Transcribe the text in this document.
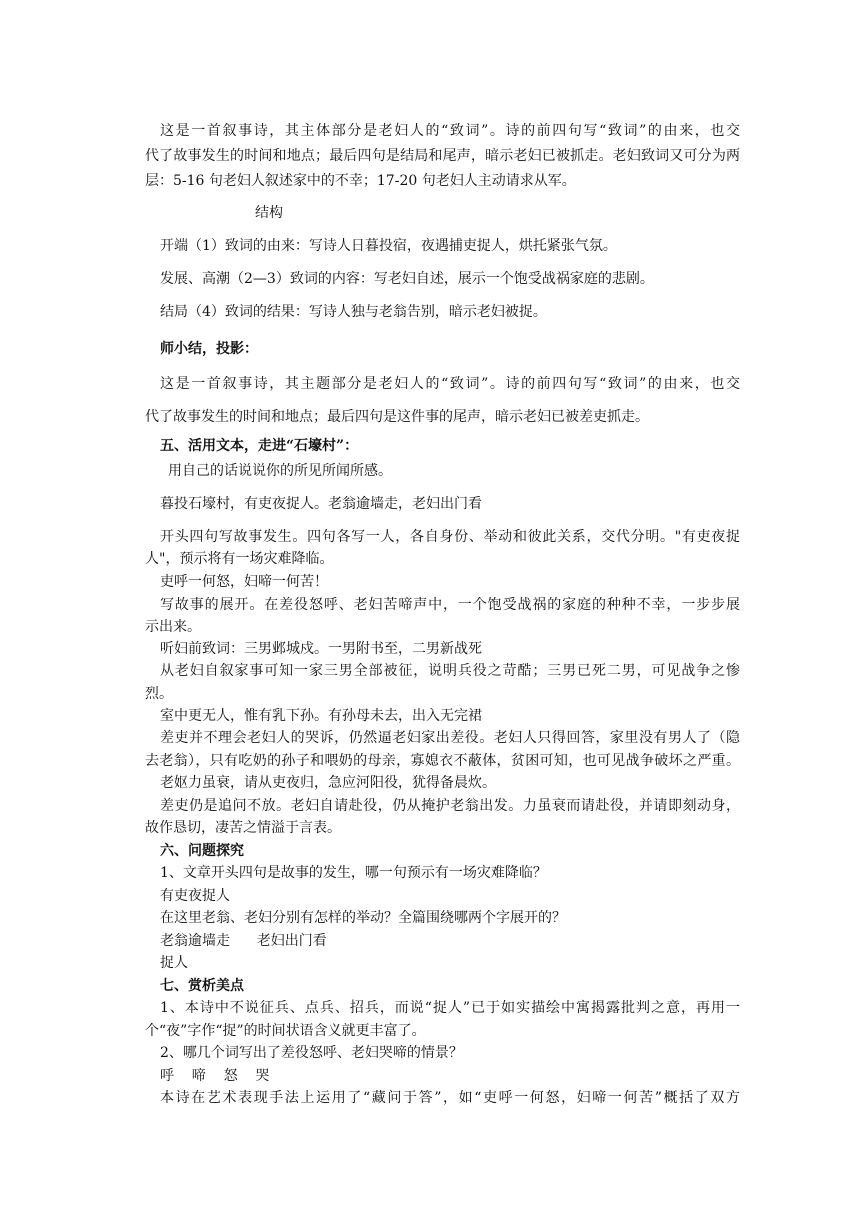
这是一首叙事诗，其主体部分是老妇人的“致词”。诗的前四句写“致词”的由来，也交

代了故事发生的时间和地点；最后四句是结局和尾声，暗示老妇已被抓走。老妇致词又可分为两

层：5-16 句老妇人叙述家中的不幸；17-20 句老妇人主动请求从军。

结构

开端（1）致词的由来：写诗人日暮投宿，夜遇捕吏捉人，烘托紧张气氛。

发展、高潮（2—3）致词的内容：写老妇自述，展示一个饱受战祸家庭的悲剧。

结局（4）致词的结果：写诗人独与老翁告别，暗示老妇被捉。

师小结，投影：

这是一首叙事诗，其主题部分是老妇人的“致词”。诗的前四句写“致词”的由来，也交

代了故事发生的时间和地点；最后四句是这件事的尾声，暗示老妇已被差吏抓走。

五、活用文本，走进“石壕村”：

用自己的话说说你的所见所闻所感。

暮投石壕村，有吏夜捉人。老翁逾墙走，老妇出门看

开头四句写故事发生。四句各写一人，各自身份、举动和彼此关系，交代分明。"有吏夜捉

人"，预示将有一场灾难降临。

吏呼一何怒，妇啼一何苦！

写故事的展开。在差役怒呼、老妇苦啼声中，一个饱受战祸的家庭的种种不幸，一步步展

示出来。

听妇前致词：三男邺城戍。一男附书至，二男新战死

从老妇自叙家事可知一家三男全部被征，说明兵役之苛酷；三男已死二男，可见战争之惨

烈。

室中更无人，惟有乳下孙。有孙母未去，出入无完裙

差吏并不理会老妇人的哭诉，仍然逼老妇家出差役。老妇人只得回答，家里没有男人了（隐

去老翁），只有吃奶的孙子和喂奶的母亲，寡媳衣不蔽体，贫困可知，也可见战争破坏之严重。

老妪力虽衰，请从吏夜归，急应河阳役，犹得备晨炊。

差吏仍是追问不放。老妇自请赴役，仍从掩护老翁出发。力虽衰而请赴役，并请即刻动身，

故作恳切，凄苦之情溢于言表。

六、问题探究

1、文章开头四句是故事的发生，哪一句预示有一场灾难降临？

有吏夜捉人

在这里老翁、老妇分别有怎样的举动？全篇围绕哪两个字展开的？

老翁逾墙走      老妇出门看

捉人

七、赏析美点

1、本诗中不说征兵、点兵、招兵，而说“捉人”已于如实描绘中寓揭露批判之意，再用一

个“夜”字作“捉”的时间状语含义就更丰富了。

2、哪几个词写出了差役怒呼、老妇哭啼的情景？

呼    啼    怒    哭

本诗在艺术表现手法上运用了“藏问于答”，如“吏呼一何怒，妇啼一何苦”概括了双方
